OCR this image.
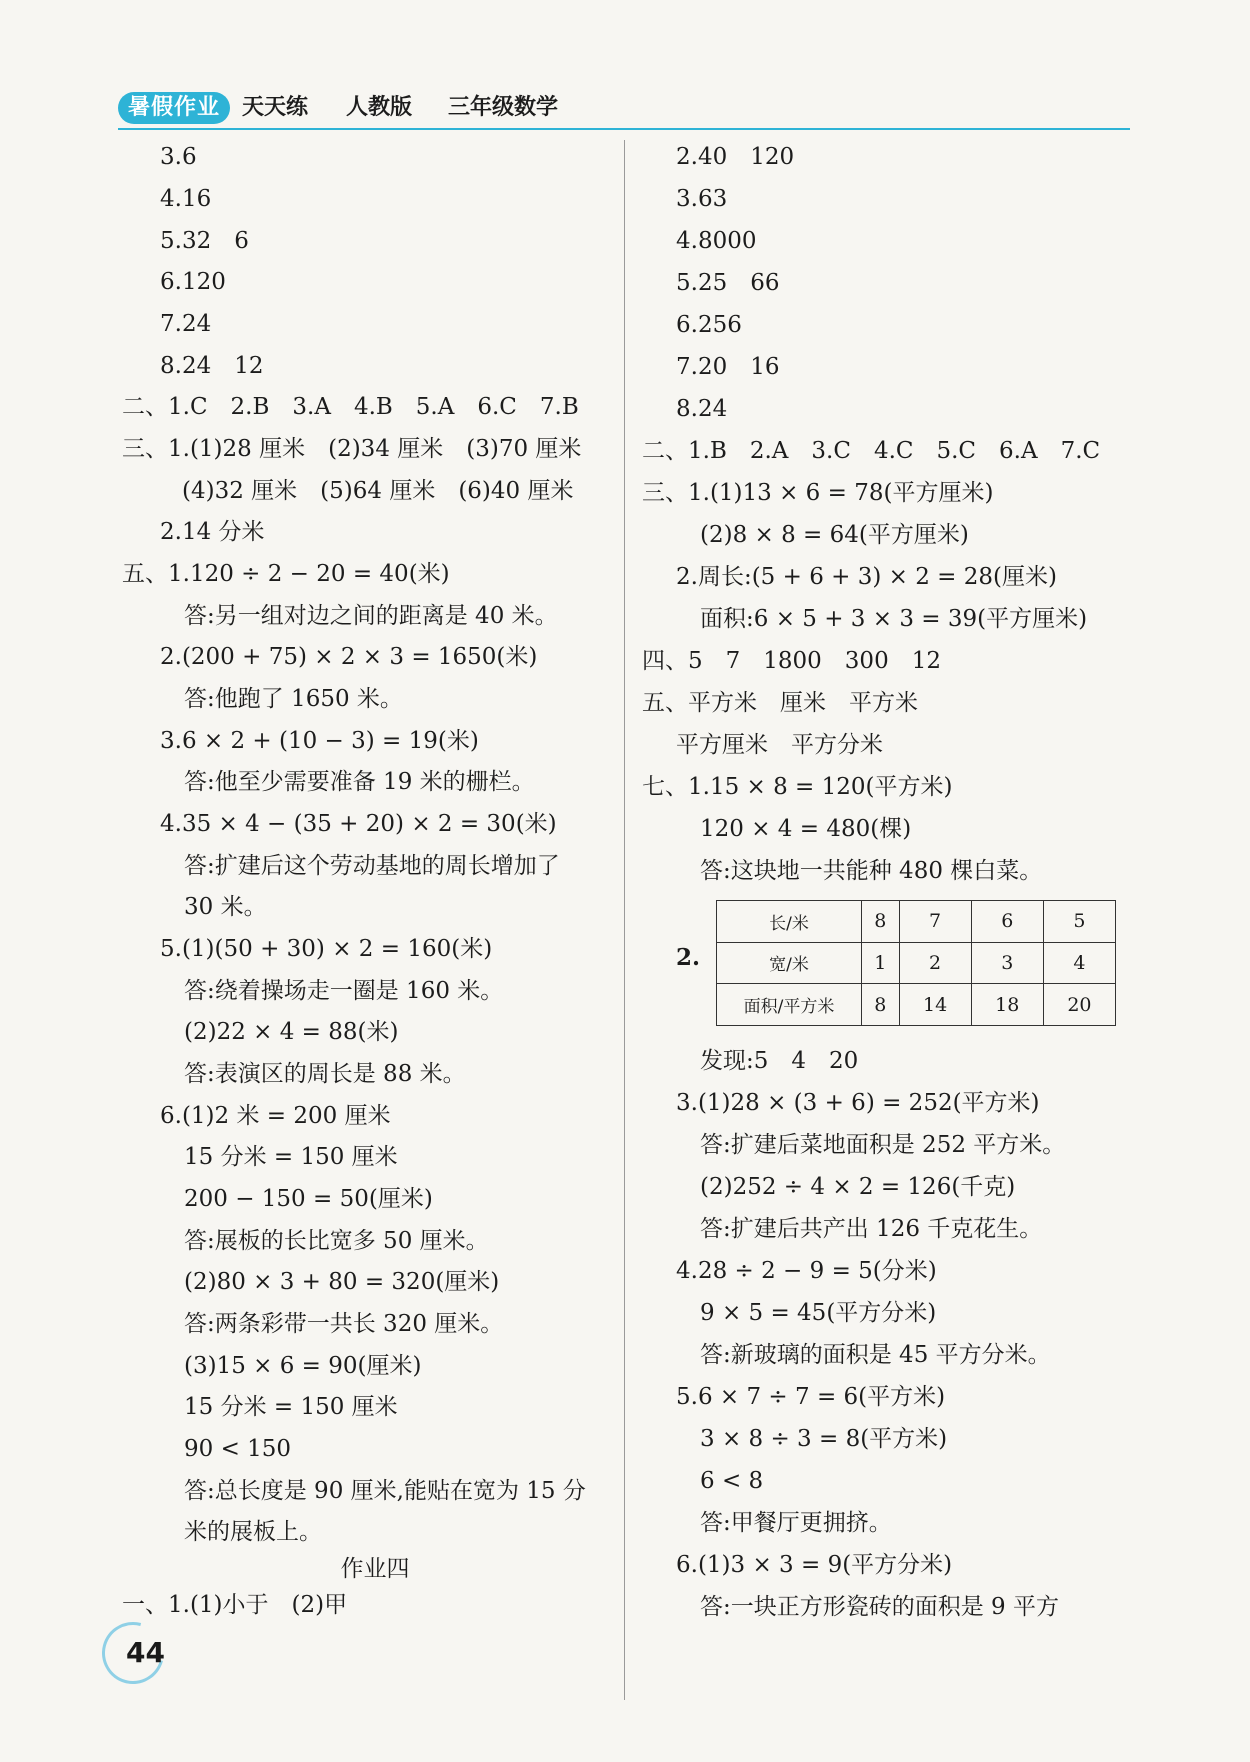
暑假作业 天天练 人教版 三年级数学
3.6
4.16
5.32　6
6.120
7.24
8.24　12
二、1.C　2.B　3.A　4.B　5.A　6.C　7.B
三、1.(1)28 厘米　(2)34 厘米　(3)70 厘米
(4)32 厘米　(5)64 厘米　(6)40 厘米
2.14 分米
五、1.120 ÷ 2 − 20 = 40(米)
答:另一组对边之间的距离是 40 米。
2.(200 + 75) × 2 × 3 = 1650(米)
答:他跑了 1650 米。
3.6 × 2 + (10 − 3) = 19(米)
答:他至少需要准备 19 米的栅栏。
4.35 × 4 − (35 + 20) × 2 = 30(米)
答:扩建后这个劳动基地的周长增加了
30 米。
5.(1)(50 + 30) × 2 = 160(米)
答:绕着操场走一圈是 160 米。
(2)22 × 4 = 88(米)
答:表演区的周长是 88 米。
6.(1)2 米 = 200 厘米
15 分米 = 150 厘米
200 − 150 = 50(厘米)
答:展板的长比宽多 50 厘米。
(2)80 × 3 + 80 = 320(厘米)
答:两条彩带一共长 320 厘米。
(3)15 × 6 = 90(厘米)
15 分米 = 150 厘米
90 < 150
答:总长度是 90 厘米,能贴在宽为 15 分
米的展板上。
作业四
一、1.(1)小于　(2)甲
2.40　120
3.63
4.8000
5.25　66
6.256
7.20　16
8.24
二、1.B　2.A　3.C　4.C　5.C　6.A　7.C
三、1.(1)13 × 6 = 78(平方厘米)
(2)8 × 8 = 64(平方厘米)
2.周长:(5 + 6 + 3) × 2 = 28(厘米)
面积:6 × 5 + 3 × 3 = 39(平方厘米)
四、5　7　1800　300　12
五、平方米　厘米　平方米
平方厘米　平方分米
七、1.15 × 8 = 120(平方米)
120 × 4 = 480(棵)
答:这块地一共能种 480 棵白菜。
2.
长/米	8	7	6	5
宽/米	1	2	3	4
面积/平方米	8	14	18	20
发现:5　4　20
3.(1)28 × (3 + 6) = 252(平方米)
答:扩建后菜地面积是 252 平方米。
(2)252 ÷ 4 × 2 = 126(千克)
答:扩建后共产出 126 千克花生。
4.28 ÷ 2 − 9 = 5(分米)
9 × 5 = 45(平方分米)
答:新玻璃的面积是 45 平方分米。
5.6 × 7 ÷ 7 = 6(平方米)
3 × 8 ÷ 3 = 8(平方米)
6 < 8
答:甲餐厅更拥挤。
6.(1)3 × 3 = 9(平方分米)
答:一块正方形瓷砖的面积是 9 平方
44
